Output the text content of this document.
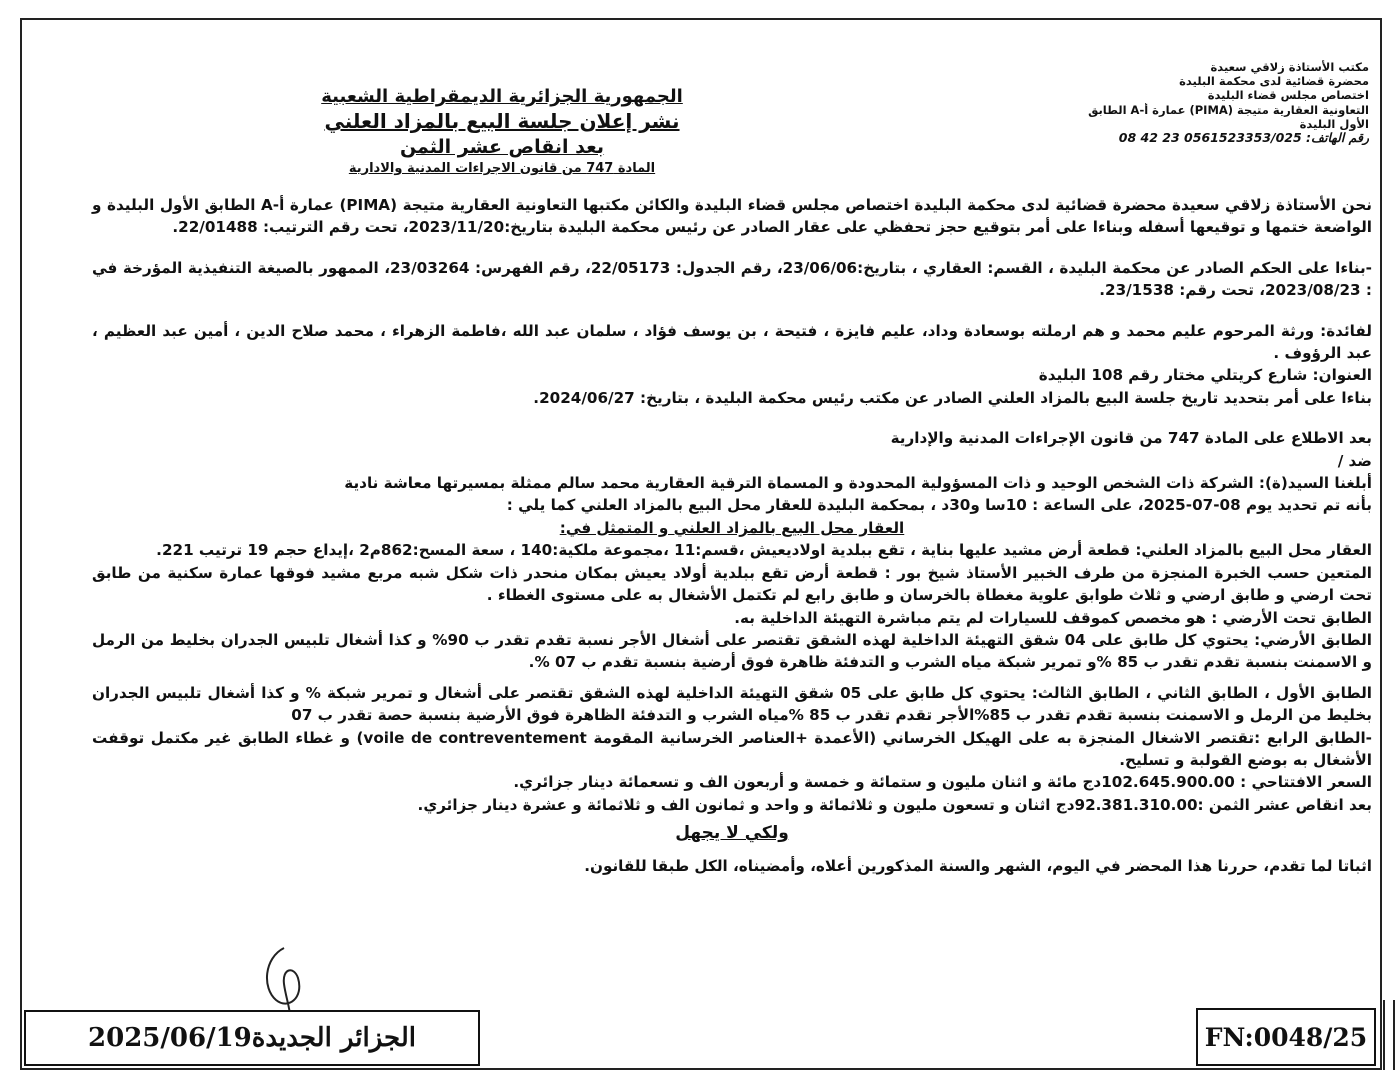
مكتب الأستاذة زلاقي سعيدة
محضرة قضائية لدى محكمة البليدة
اختصاص مجلس قضاء البليدة
التعاونية العقارية متيجة (PIMA) عمارة أ-A الطابق
الأول البليدة
رقم الهاتف: 0561523353/025 23 42 08
الجمهورية الجزائرية الديمقراطية الشعبية
نشر إعلان جلسة البيع بالمزاد العلني
بعد انقاص عشر الثمن
المادة 747 من قانون الاجراءات المدنية والادارية

نحن الأستاذة زلاقي سعيدة محضرة قضائية لدى محكمة البليدة اختصاص مجلس قضاء البليدة والكائن مكتبها التعاونية العقارية متيجة (PIMA) عمارة أ-A الطابق الأول البليدة و الواضعة ختمها و توقيعها أسفله وبناءا على أمر بتوقيع حجز تحفظي على عقار الصادر عن رئيس محكمة البليدة بتاريخ:2023/11/20، تحت رقم الترتيب: 22/01488.

-بناءا على الحكم الصادر عن محكمة البليدة ، القسم: العقاري ، بتاريخ:23/06/06، رقم الجدول: 22/05173، رقم الفهرس: 23/03264، الممهور بالصيغة التنفيذية المؤرخة في : 2023/08/23، تحت رقم: 23/1538.

لفائدة: ورثة المرحوم عليم محمد و هم ارملته بوسعادة وداد، عليم فايزة ، فتيحة ، بن يوسف فؤاد ، سلمان عبد الله ،فاطمة الزهراء ، محمد صلاح الدين ، أمين عبد العظيم ، عبد الرؤوف .

العنوان: شارع كريتلي مختار رقم 108 البليدة

بناءا على أمر بتحديد تاريخ جلسة البيع بالمزاد العلني الصادر عن مكتب رئيس محكمة البليدة ، بتاريخ: 2024/06/27.

بعد الاطلاع على المادة 747 من قانون الإجراءات المدنية والإدارية

ضد /

أبلغنا السيد(ة): الشركة ذات الشخص الوحيد و ذات المسؤولية المحدودة و المسماة الترقية العقارية محمد سالم ممثلة بمسيرتها معاشة نادية

بأنه تم تحديد يوم 08-07-2025، على الساعة : 10سا و30د ، بمحكمة البليدة للعقار محل البيع بالمزاد العلني كما يلي :

العقار محل البيع بالمزاد العلني و المتمثل في:

العقار محل البيع بالمزاد العلني: قطعة أرض مشيد عليها بناية ، تقع ببلدية اولاديعيش ،قسم:11 ،مجموعة ملكية:140 ، سعة المسح:862م2 ،إيداع حجم 19 ترتيب 221.

المتعين حسب الخبرة المنجزة من طرف الخبير الأستاذ شيخ بور : قطعة أرض تقع ببلدية أولاد يعيش بمكان منحدر ذات شكل شبه مربع مشيد فوقها عمارة سكنية من طابق تحت ارضي و طابق ارضي و ثلاث طوابق علوية مغطاة بالخرسان و طابق رابع لم تكتمل الأشغال به على مستوى الغطاء .

الطابق تحت الأرضي : هو مخصص كموقف للسيارات لم يتم مباشرة التهيئة الداخلية به.

الطابق الأرضي: يحتوي كل طابق على 04 شقق التهيئة الداخلية لهذه الشقق تقتصر على أشغال الأجر نسبة تقدم تقدر ب 90% و كذا أشغال تلبيس الجدران بخليط من الرمل و الاسمنت بنسبة تقدم تقدر ب 85 %و تمرير شبكة مياه الشرب و التدفئة ظاهرة فوق أرضية بنسبة تقدم ب 07 %.

الطابق الأول ، الطابق الثاني ، الطابق الثالث: يحتوي كل طابق على 05 شقق التهيئة الداخلية لهذه الشقق تقتصر على أشغال و تمرير شبكة % و كذا أشغال تلبيس الجدران بخليط من الرمل و الاسمنت بنسبة تقدم تقدر ب 85%الأجر تقدم تقدر ب 85 %مياه الشرب و التدفئة الظاهرة فوق الأرضية بنسبة حصة تقدر ب 07

-الطابق الرابع :تقتصر الاشغال المنجزة به على الهيكل الخرساني (الأعمدة +العناصر الخرسانية المقومة voile de contreventement) و غطاء الطابق غير مكتمل توقفت الأشغال به بوضع القولبة و تسليح.

السعر الافتتاحي : 102.645.900.00دج مائة و اثنان مليون و ستمائة و خمسة و أربعون الف و تسعمائة دينار جزائري.

بعد انقاص عشر الثمن :92.381.310.00دج اثنان و تسعون مليون و ثلاثمائة و واحد و ثمانون الف و ثلاثمائة و عشرة دينار جزائري.

ولكي لا يجهل

اثباتا لما تقدم، حررنا هذا المحضر في اليوم، الشهر والسنة المذكورين أعلاه، وأمضيناه، الكل طبقا للقانون.

الجزائر الجديدة2025/06/19	FN:0048/25
